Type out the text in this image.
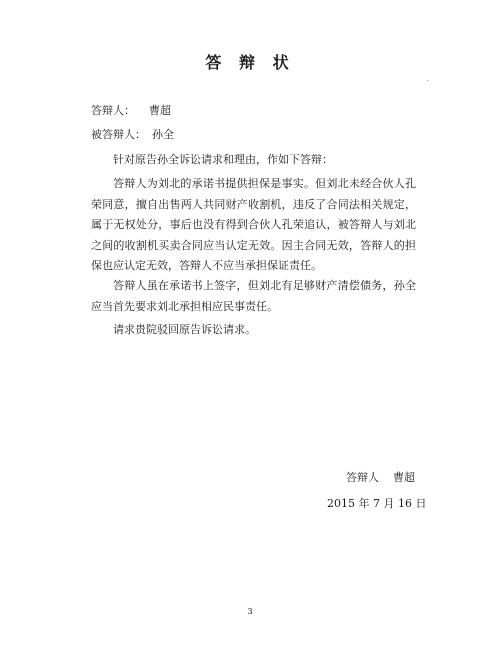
答 辩 状
答辩人： 曹超
被答辩人： 孙全

针对原告孙全诉讼请求和理由，作如下答辩：

答辩人为刘北的承诺书提供担保是事实。但刘北未经合伙人孔荣同意，擅自出售两人共同财产收割机，违反了合同法相关规定，属于无权处分，事后也没有得到合伙人孔荣追认，被答辩人与刘北之间的收割机买卖合同应当认定无效。因主合同无效，答辩人的担保也应认定无效，答辩人不应当承担保证责任。

答辩人虽在承诺书上签字，但刘北有足够财产清偿债务，孙全应当首先要求刘北承担相应民事责任。

请求贵院驳回原告诉讼请求。

答辩人 曹超
2015 年 7 月 16 日
3
